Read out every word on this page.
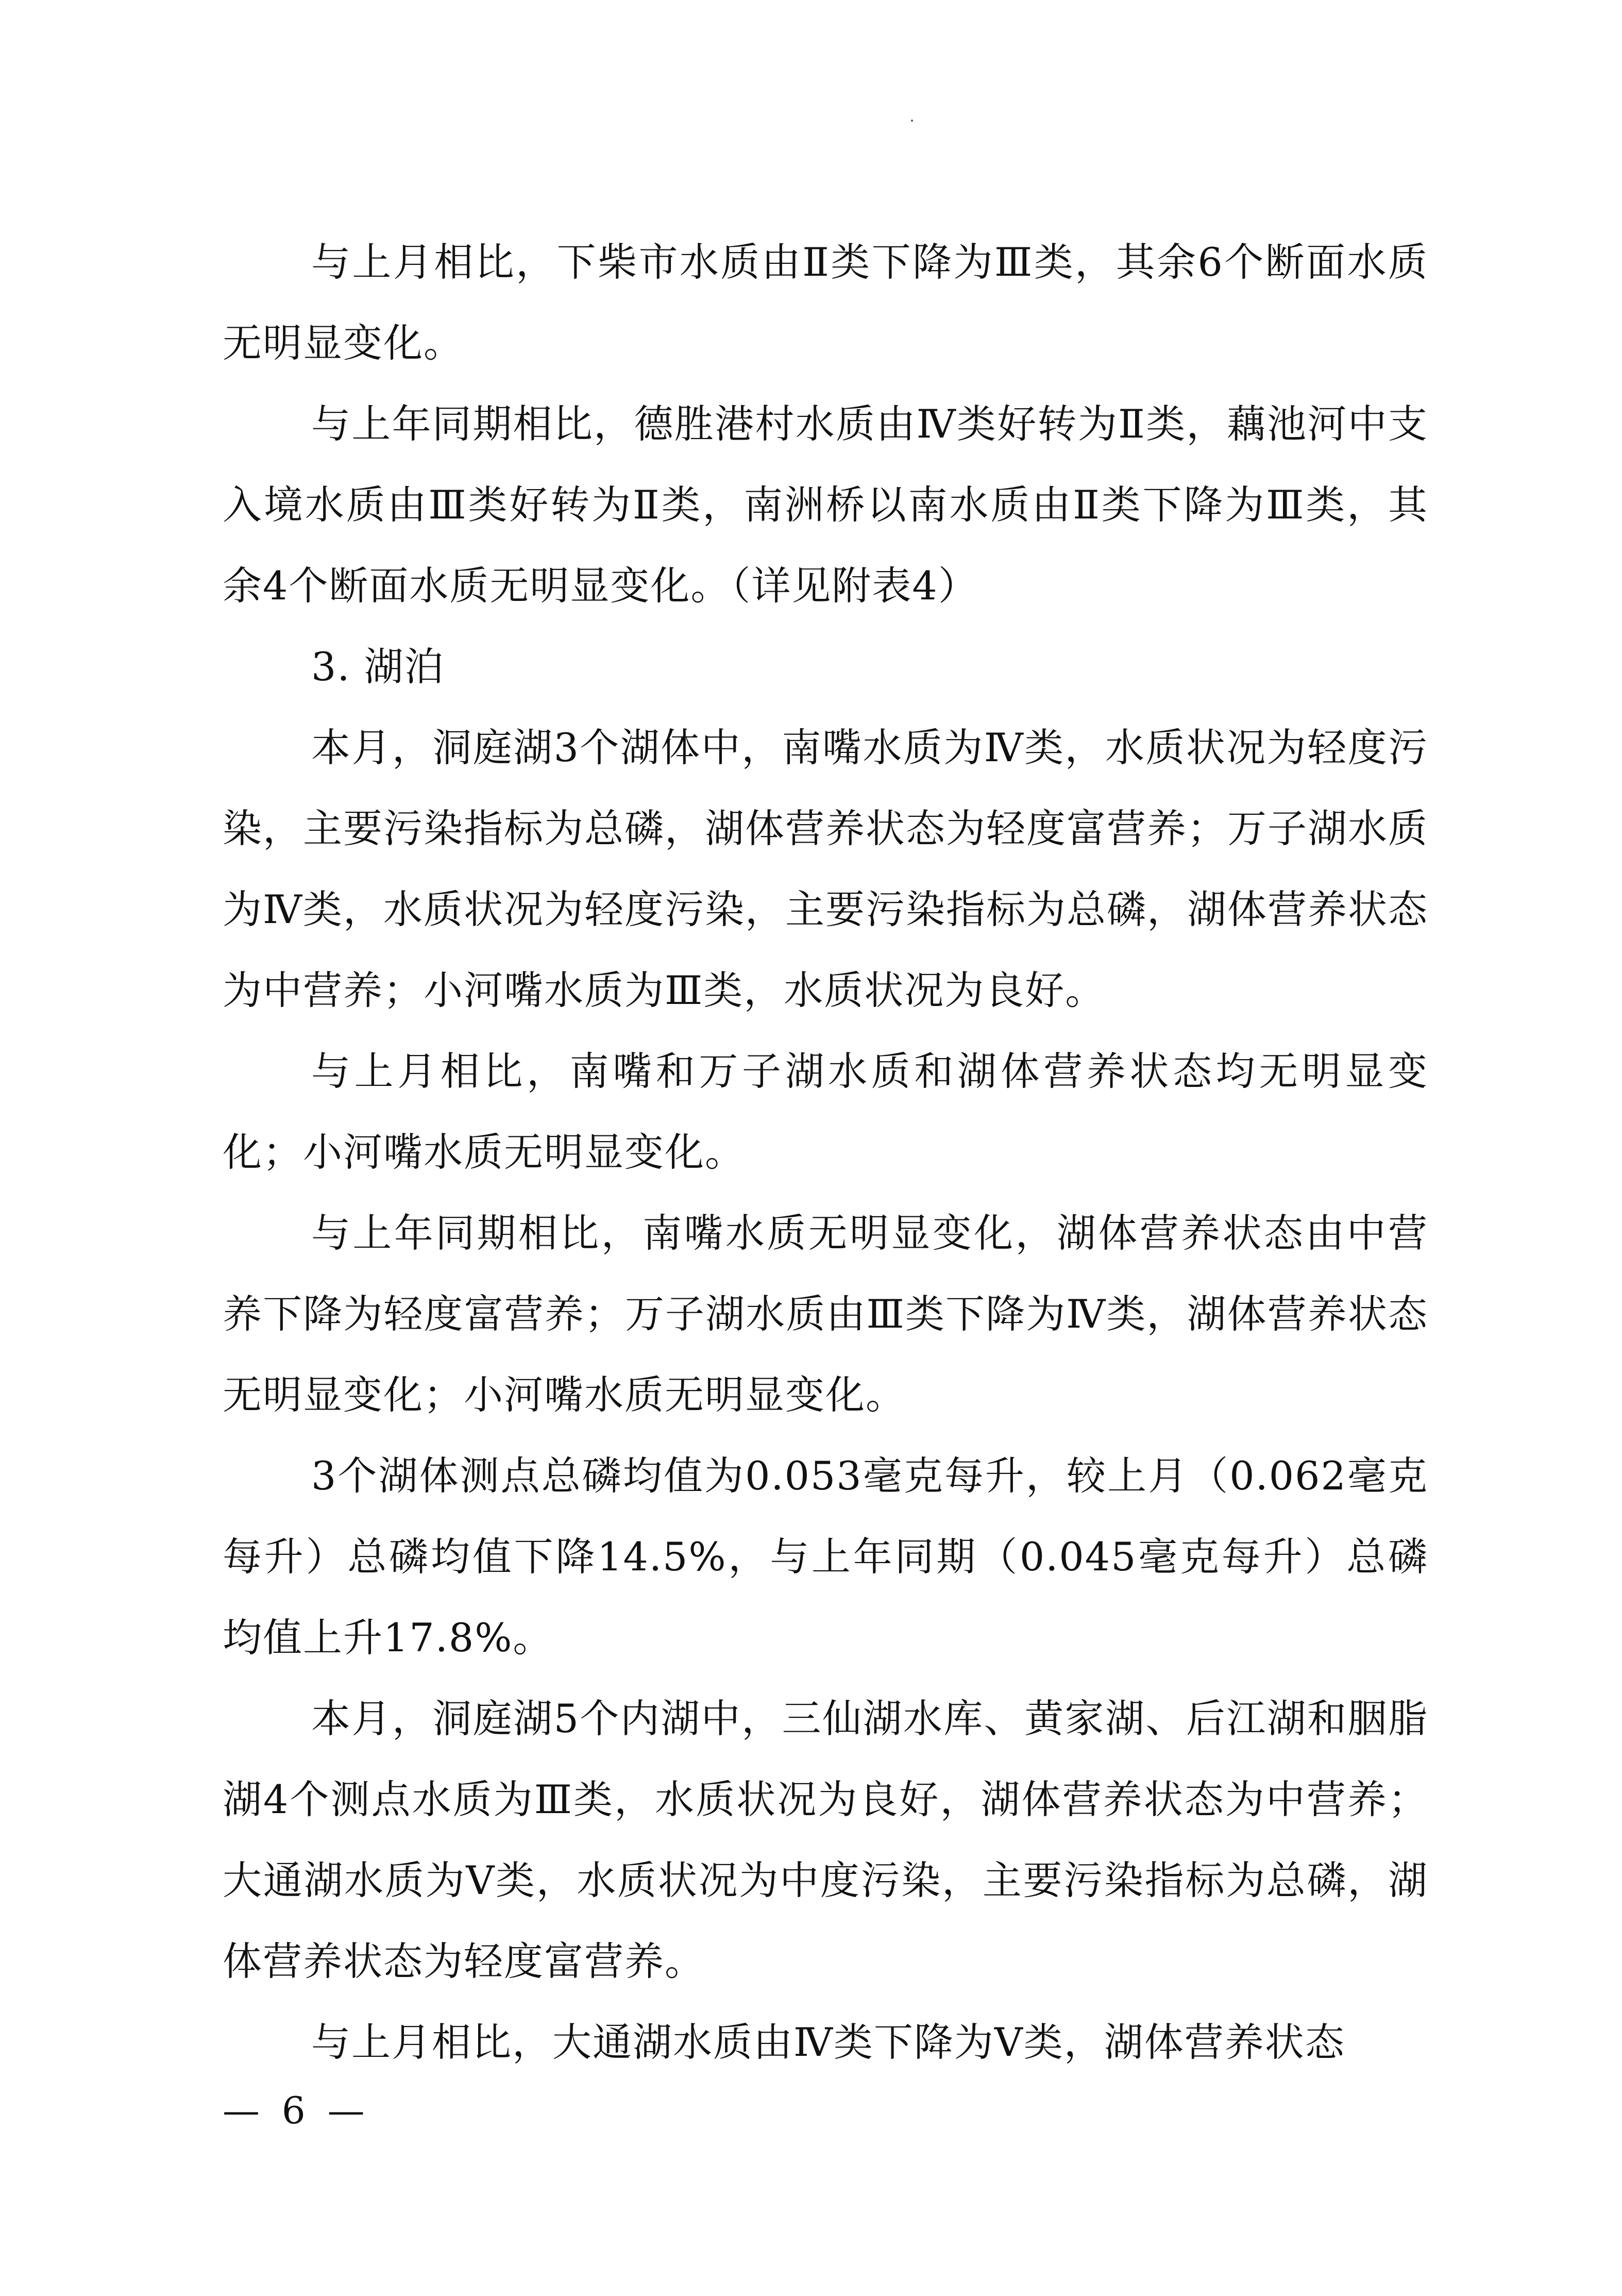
与上月相比，下柴市水质由Ⅱ类下降为Ⅲ类，其余6个断面水质无明显变化。

与上年同期相比，德胜港村水质由Ⅳ类好转为Ⅱ类，藕池河中支入境水质由Ⅲ类好转为Ⅱ类，南洲桥以南水质由Ⅱ类下降为Ⅲ类，其余4个断面水质无明显变化。（详见附表4）

3. 湖泊

本月，洞庭湖3个湖体中，南嘴水质为Ⅳ类，水质状况为轻度污染，主要污染指标为总磷，湖体营养状态为轻度富营养；万子湖水质为Ⅳ类，水质状况为轻度污染，主要污染指标为总磷，湖体营养状态为中营养；小河嘴水质为Ⅲ类，水质状况为良好。

与上月相比，南嘴和万子湖水质和湖体营养状态均无明显变化；小河嘴水质无明显变化。

与上年同期相比，南嘴水质无明显变化，湖体营养状态由中营养下降为轻度富营养；万子湖水质由Ⅲ类下降为Ⅳ类，湖体营养状态无明显变化；小河嘴水质无明显变化。

3个湖体测点总磷均值为0.053毫克每升，较上月（0.062毫克每升）总磷均值下降14.5%，与上年同期（0.045毫克每升）总磷均值上升17.8%。

本月，洞庭湖5个内湖中，三仙湖水库、黄家湖、后江湖和胭脂湖4个测点水质为Ⅲ类，水质状况为良好，湖体营养状态为中营养；大通湖水质为Ⅴ类，水质状况为中度污染，主要污染指标为总磷，湖体营养状态为轻度富营养。

与上月相比，大通湖水质由Ⅳ类下降为Ⅴ类，湖体营养状态

— 6 —
